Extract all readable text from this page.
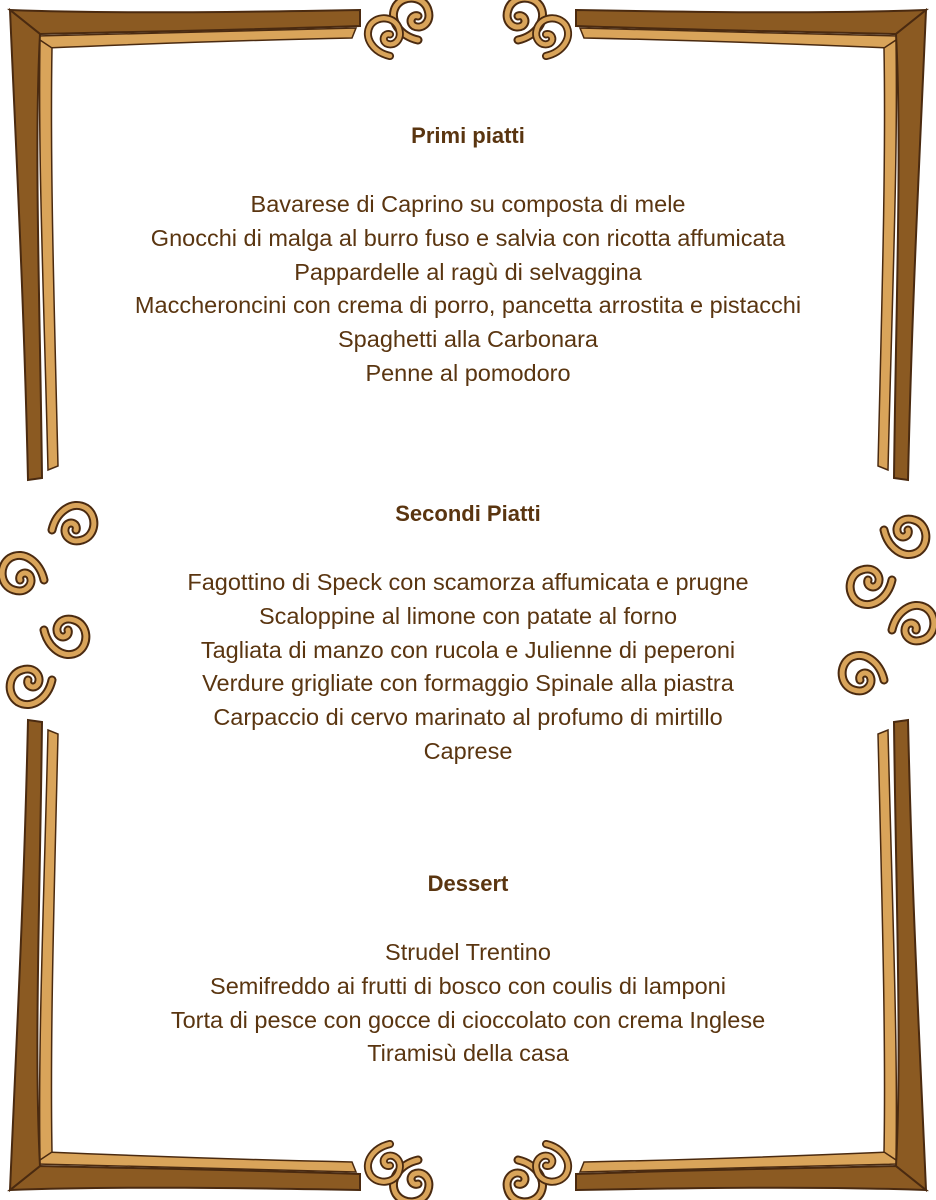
Primi piatti
Bavarese di Caprino su composta di mele
Gnocchi di malga al burro fuso e salvia con ricotta affumicata
Pappardelle al ragù di selvaggina
Maccheroncini con crema di porro, pancetta arrostita e pistacchi
Spaghetti alla Carbonara
Penne al pomodoro
Secondi Piatti
Fagottino di Speck con scamorza affumicata e prugne
Scaloppine al limone con patate al forno
Tagliata di manzo con rucola e Julienne di peperoni
Verdure grigliate con formaggio Spinale alla piastra
Carpaccio di cervo marinato al profumo di mirtillo
Caprese
Dessert
Strudel Trentino
Semifreddo ai frutti di bosco con coulis di lamponi
Torta di pesce con gocce di cioccolato con crema Inglese
Tiramisù della casa
